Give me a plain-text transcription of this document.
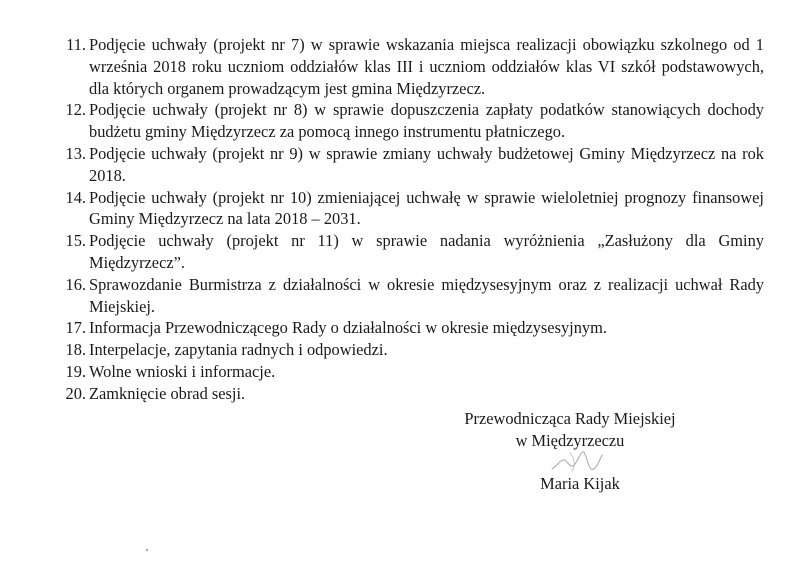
11. Podjęcie uchwały (projekt nr 7) w sprawie wskazania miejsca realizacji obowiązku szkolnego od 1 września 2018 roku uczniom oddziałów klas III i uczniom oddziałów klas VI szkół podstawowych, dla których organem prowadzącym jest gmina Międzyrzecz.
12. Podjęcie uchwały (projekt nr 8) w sprawie dopuszczenia zapłaty podatków stanowiących dochody budżetu gminy Międzyrzecz za pomocą innego instrumentu płatniczego.
13. Podjęcie uchwały (projekt nr 9) w sprawie zmiany uchwały budżetowej Gminy Międzyrzecz na rok 2018.
14. Podjęcie uchwały (projekt nr 10) zmieniającej uchwałę w sprawie wieloletniej prognozy finansowej Gminy Międzyrzecz na lata 2018 – 2031.
15. Podjęcie uchwały (projekt nr 11) w sprawie nadania wyróżnienia „Zasłużony dla Gminy Międzyrzecz”.
16. Sprawozdanie Burmistrza z działalności w okresie międzysesyjnym oraz z realizacji uchwał Rady Miejskiej.
17. Informacja Przewodniczącego Rady o działalności w okresie międzysesyjnym.
18. Interpelacje, zapytania radnych i odpowiedzi.
19. Wolne wnioski i informacje.
20. Zamknięcie obrad sesji.
Przewodnicząca Rady Miejskiej
w Międzyrzeczu
Maria Kijak
